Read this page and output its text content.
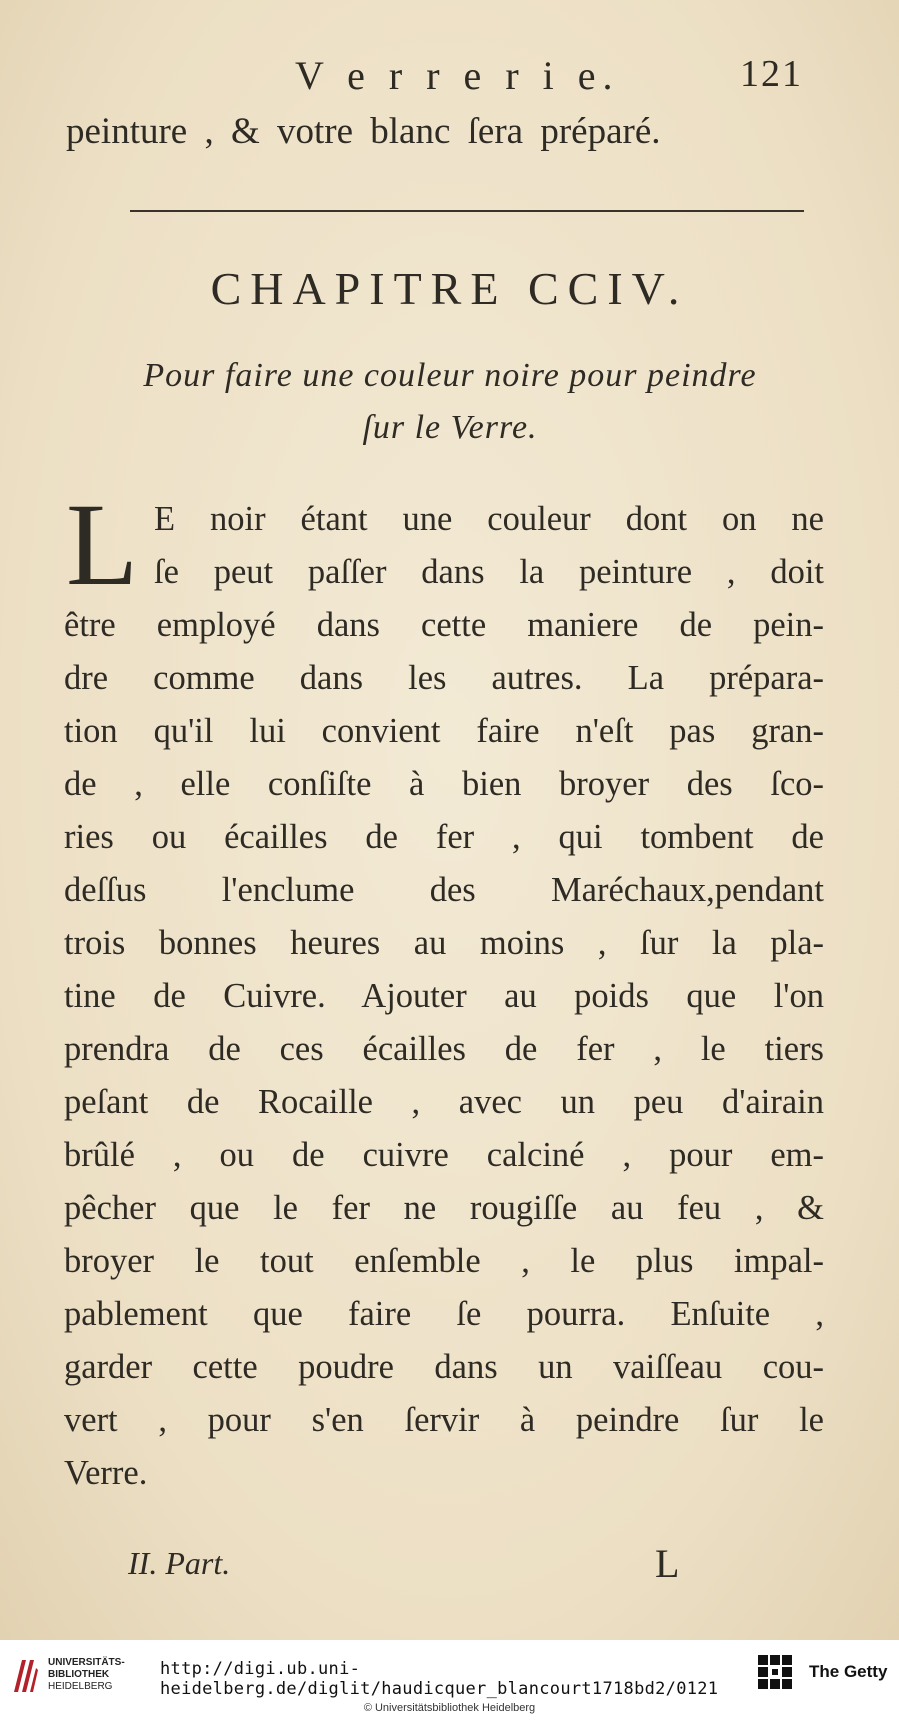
V e r r e r i e.	121
peinture , & votre blanc ſera préparé.
CHAPITRE CCIV.
Pour faire une couleur noire pour peindre
ſur le Verre.
L E noir étant une couleur dont on ne
ſe peut paſſer dans la peinture , doit
être employé dans cette maniere de pein-
dre comme dans les autres. La prépara-
tion qu'il lui convient faire n'eſt pas gran-
de , elle conſiſte à bien broyer des ſco-
ries ou écailles de fer , qui tombent de
deſſus l'enclume des Maréchaux,pendant
trois bonnes heures au moins , ſur la pla-
tine de Cuivre. Ajouter au poids que l'on
prendra de ces écailles de fer , le tiers
peſant de Rocaille , avec un peu d'airain
brûlé , ou de cuivre calciné , pour em-
pêcher que le fer ne rougiſſe au feu , &
broyer le tout enſemble , le plus impal-
pablement que faire ſe pourra. Enſuite ,
garder cette poudre dans un vaiſſeau cou-
vert , pour s'en ſervir à peindre ſur le
Verre.
II. Part.	L
UNIVERSITÄTS-
BIBLIOTHEK
HEIDELBERG
http://digi.ub.uni-heidelberg.de/diglit/haudicquer_blancourt1718bd2/0121
© Universitätsbibliothek Heidelberg
The Getty
